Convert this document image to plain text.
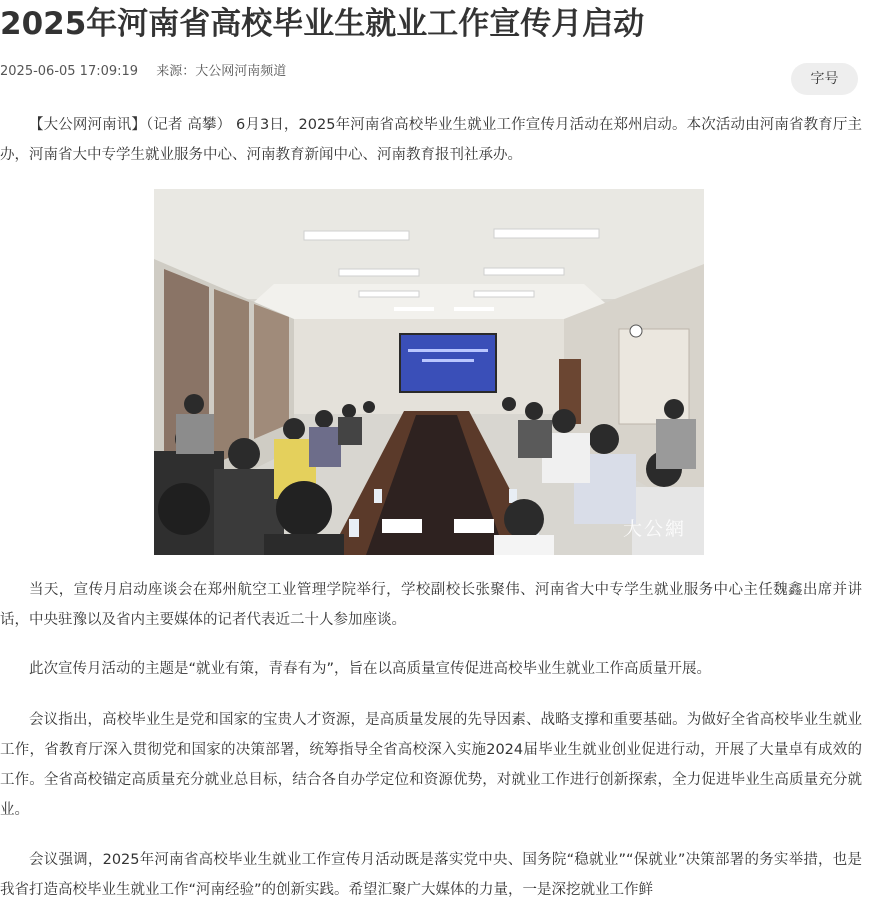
2025年河南省高校毕业生就业工作宣传月启动
2025-06-05 17:09:19 来源：大公网河南频道	字号

【大公网河南讯】（记者 高攀） 6月3日，2025年河南省高校毕业生就业工作宣传月活动在郑州启动。本次活动由河南省教育厅主办，河南省大中专学生就业服务中心、河南教育新闻中心、河南教育报刊社承办。

大公網

当天，宣传月启动座谈会在郑州航空工业管理学院举行，学校副校长张聚伟、河南省大中专学生就业服务中心主任魏鑫出席并讲话，中央驻豫以及省内主要媒体的记者代表近二十人参加座谈。

此次宣传月活动的主题是“就业有策，青春有为”，旨在以高质量宣传促进高校毕业生就业工作高质量开展。

会议指出，高校毕业生是党和国家的宝贵人才资源，是高质量发展的先导因素、战略支撑和重要基础。为做好全省高校毕业生就业工作，省教育厅深入贯彻党和国家的决策部署，统筹指导全省高校深入实施2024届毕业生就业创业促进行动，开展了大量卓有成效的工作。全省高校锚定高质量充分就业总目标，结合各自办学定位和资源优势，对就业工作进行创新探索，全力促进毕业生高质量充分就业。

会议强调，2025年河南省高校毕业生就业工作宣传月活动既是落实党中央、国务院“稳就业”“保就业”决策部署的务实举措，也是我省打造高校毕业生就业工作“河南经验”的创新实践。希望汇聚广大媒体的力量，一是深挖就业工作鲜
